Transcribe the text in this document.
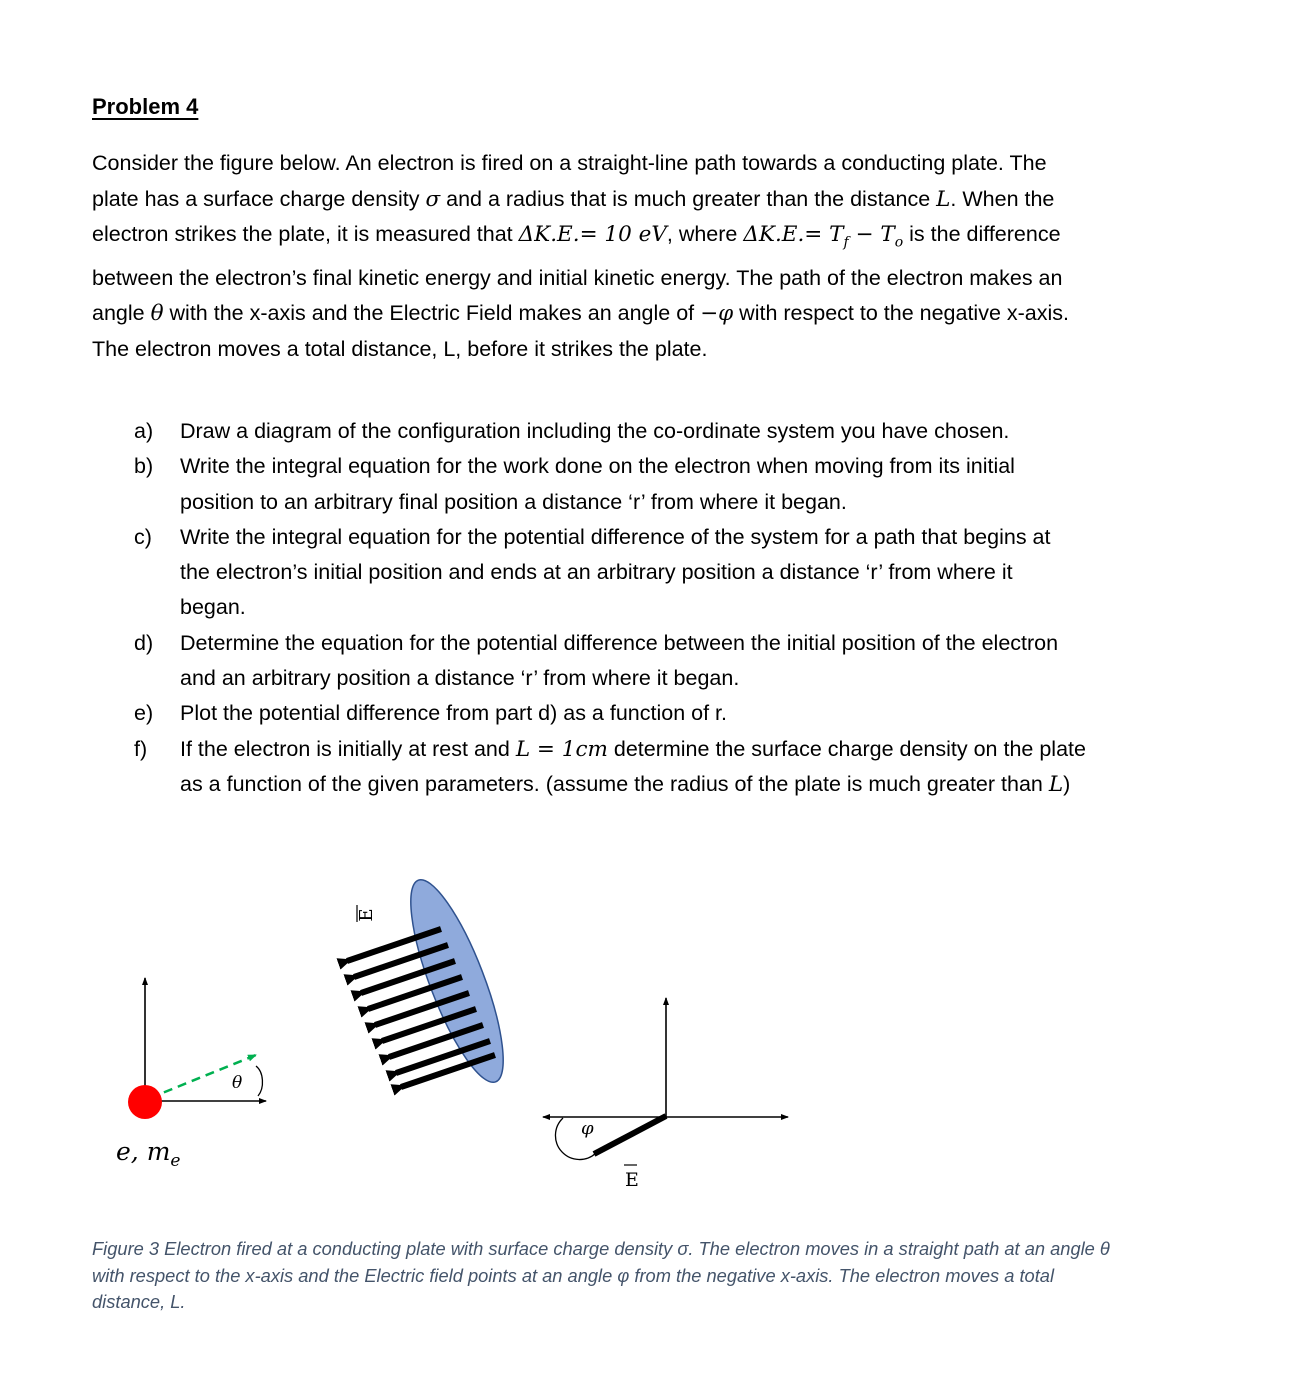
Problem 4
Consider the figure below. An electron is fired on a straight-line path towards a conducting plate. The
plate has a surface charge density σ and a radius that is much greater than the distance L. When the
electron strikes the plate, it is measured that ΔK.E.= 10 eV, where $\Delta K.E.= T_f - T_o$ is the difference
between the electron’s final kinetic energy and initial kinetic energy. The path of the electron makes an
angle θ with the x-axis and the Electric Field makes an angle of −φ with respect to the negative x-axis.
The electron moves a total distance, L, before it strikes the plate.
a) Draw a diagram of the configuration including the co-ordinate system you have chosen.
b) Write the integral equation for the work done on the electron when moving from its initial
position to an arbitrary final position a distance ‘r’ from where it began.
c) Write the integral equation for the potential difference of the system for a path that begins at
the electron’s initial position and ends at an arbitrary position a distance ‘r’ from where it
began.
d) Determine the equation for the potential difference between the initial position of the electron
and an arbitrary position a distance ‘r’ from where it began.
e) Plot the potential difference from part d) as a function of r.
f) If the electron is initially at rest and L = 1cm determine the surface charge density on the plate
as a function of the given parameters. (assume the radius of the plate is much greater than L)
θ
e, $m_e$
E
φ
E
Figure 3 Electron fired at a conducting plate with surface charge density σ. The electron moves in a straight path at an angle θ
with respect to the x-axis and the Electric field points at an angle φ from the negative x-axis. The electron moves a total
distance, L.
